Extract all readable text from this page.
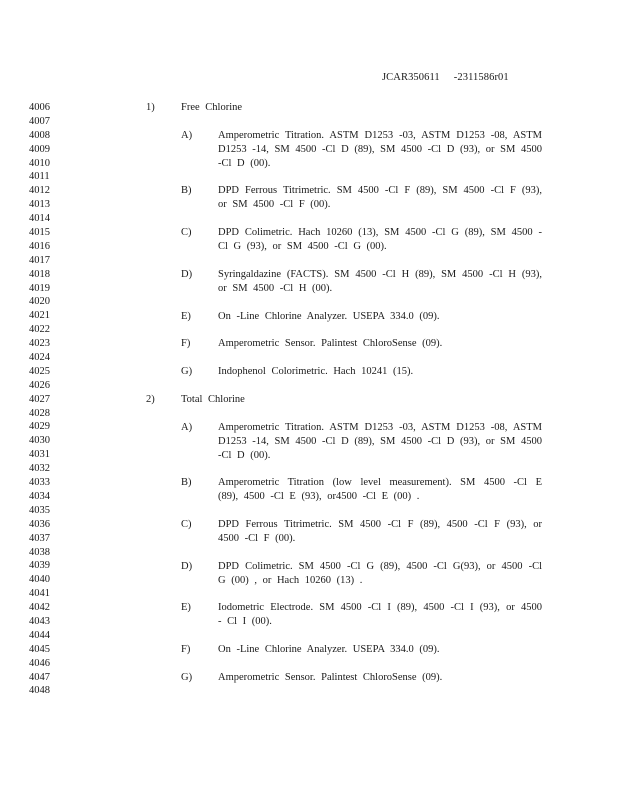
JCAR350611 -2311586r01
4006
4007
4008
4009
4010
4011
4012
4013
4014
4015
4016
4017
4018
4019
4020
4021
4022
4023
4024
4025
4026
4027
4028
4029
4030
4031
4032
4033
4034
4035
4036
4037
4038
4039
4040
4041
4042
4043
4044
4045
4046
4047
4048
1)	Free Chlorine
A) Amperometric Titration. ASTM D1253 -03, ASTM D1253 -08, ASTM D1253 -14, SM 4500 -Cl D (89), SM 4500 -Cl D (93), or SM 4500 -Cl D (00).
B)	DPD Ferrous Titrimetric. SM 4500 -Cl F (89), SM 4500 -Cl F (93), or SM 4500 -Cl F (00).
C)	DPD Colimetric. Hach 10260 (13), SM 4500 -Cl G (89), SM 4500 - Cl G (93), or SM 4500 -Cl G (00).
D) Syringaldazine (FACTS). SM 4500 -Cl H (89), SM 4500 -Cl H (93), or SM 4500 -Cl H (00).
E)	On -Line Chlorine Analyzer. USEPA 334.0 (09).
F)	Amperometric Sensor. Palintest ChloroSense (09).
G) Indophenol Colorimetric. Hach 10241 (15).
2)	Total Chlorine
A) Amperometric Titration. ASTM D1253 -03, ASTM D1253 -08, ASTM D1253 -14, SM 4500 -Cl D (89), SM 4500 -Cl D (93), or SM 4500 -Cl D (00).
B)	Amperometric Titration (low level measurement). SM 4500 -Cl E (89), 4500 -Cl E (93), or4500 -Cl E (00) .
C)	DPD Ferrous Titrimetric. SM 4500 -Cl F (89), 4500 -Cl F (93), or 4500 -Cl F (00).
D) DPD Colimetric. SM 4500 -Cl G (89), 4500 -Cl G(93), or 4500 -Cl G (00) , or Hach 10260 (13) .
E)	Iodometric Electrode. SM 4500 -Cl I (89), 4500 -Cl I (93), or 4500 - Cl I (00).
F)	On -Line Chlorine Analyzer. USEPA 334.0 (09).
G) Amperometric Sensor. Palintest ChloroSense (09).
